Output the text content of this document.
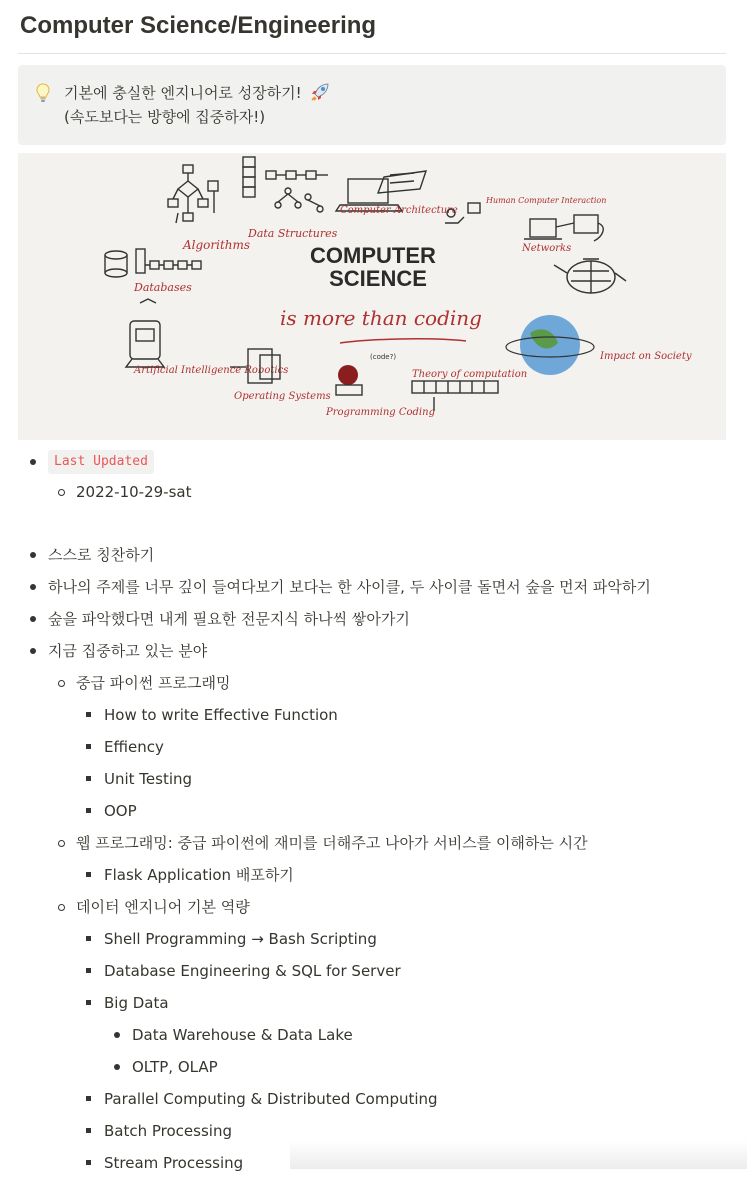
Computer Science/Engineering
기본에 충실한 엔지니어로 성장하기!
(속도보다는 방향에 집중하자!)
Algorithms
Data Structures
Computer Architecture
Human Computer Interaction
Networks
COMPUTER
SCIENCE
is more than coding
Databases
Artificial Intelligence Robotics
Operating Systems
(code?)
Programming Coding
Theory of computation
Impact on Society
Last Updated
2022-10-29-sat
스스로 칭찬하기
하나의 주제를 너무 깊이 들여다보기 보다는 한 사이클, 두 사이클 돌면서 숲을 먼저 파악하기
숲을 파악했다면 내게 필요한 전문지식 하나씩 쌓아가기
지금 집중하고 있는 분야
중급 파이썬 프로그래밍
How to write Effective Function
Effiency
Unit Testing
OOP
웹 프로그래밍: 중급 파이썬에 재미를 더해주고 나아가 서비스를 이해하는 시간
Flask Application 배포하기
데이터 엔지니어 기본 역량
Shell Programming → Bash Scripting
Database Engineering & SQL for Server
Big Data
Data Warehouse & Data Lake
OLTP, OLAP
Parallel Computing & Distributed Computing
Batch Processing
Stream Processing
